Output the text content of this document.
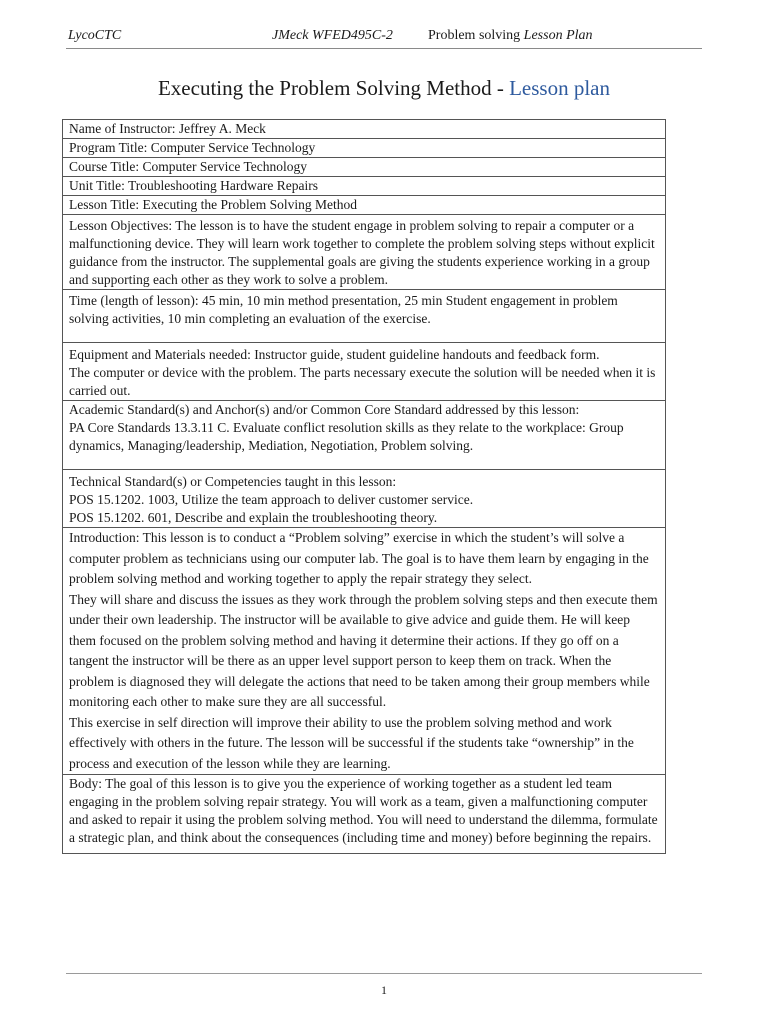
LycoCTC	JMeck WFED495C-2	Problem solving Lesson Plan
Executing the Problem Solving Method - Lesson plan
Name of Instructor: Jeffrey A. Meck
Program Title: Computer Service Technology
Course Title: Computer Service Technology
Unit Title: Troubleshooting Hardware Repairs
Lesson Title: Executing the Problem Solving Method
Lesson Objectives: The lesson is to have the student engage in problem solving to repair a computer or a malfunctioning device. They will learn work together to complete the problem solving steps without explicit guidance from the instructor. The supplemental goals are giving the students experience working in a group and supporting each other as they work to solve a problem.
Time (length of lesson): 45 min, 10 min method presentation, 25 min Student engagement in problem solving activities, 10 min completing an evaluation of the exercise.

Equipment and Materials needed: Instructor guide, student guideline handouts and feedback form.

The computer or device with the problem. The parts necessary execute the solution will be needed when it is carried out.

Academic Standard(s) and Anchor(s) and/or Common Core Standard addressed by this lesson:

PA Core Standards 13.3.11 C. Evaluate conflict resolution skills as they relate to the workplace: Group dynamics, Managing/leadership, Mediation, Negotiation, Problem solving.

Technical Standard(s) or Competencies taught in this lesson:

POS 15.1202. 1003, Utilize the team approach to deliver customer service.

POS 15.1202. 601, Describe and explain the troubleshooting theory.

Introduction: This lesson is to conduct a “Problem solving” exercise in which the student’s will solve a computer problem as technicians using our computer lab. The goal is to have them learn by engaging in the problem solving method and working together to apply the repair strategy they select.

They will share and discuss the issues as they work through the problem solving steps and then execute them under their own leadership. The instructor will be available to give advice and guide them. He will keep them focused on the problem solving method and having it determine their actions. If they go off on a tangent the instructor will be there as an upper level support person to keep them on track. When the problem is diagnosed they will delegate the actions that need to be taken among their group members while monitoring each other to make sure they are all successful.

This exercise in self direction will improve their ability to use the problem solving method and work effectively with others in the future. The lesson will be successful if the students take “ownership” in the process and execution of the lesson while they are learning.

Body: The goal of this lesson is to give you the experience of working together as a student led team engaging in the problem solving repair strategy. You will work as a team, given a malfunctioning computer and asked to repair it using the problem solving method. You will need to understand the dilemma, formulate a strategic plan, and think about the consequences (including time and money) before beginning the repairs.
1
